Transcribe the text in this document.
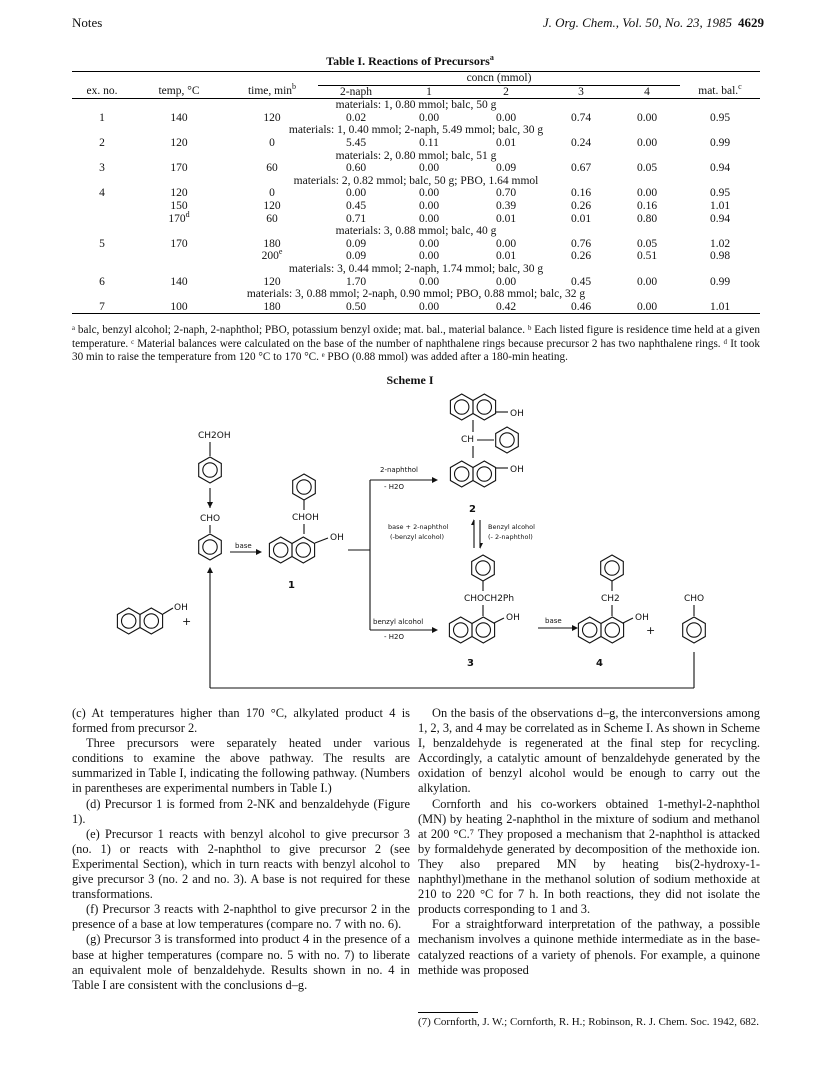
Notes	J. Org. Chem., Vol. 50, No. 23, 1985 4629
Table I. Reactions of Precursors$^a$
			concn (mmol)					
ex. no.	temp, °C	time, $\min^b$	2-naph	1	2	3	4	mat. bal.$^c$
materials: 1, 0.80 mmol; balc, 50 g								
1	140	120	0.02	0.00	0.00	0.74	0.00	0.95
materials: 1, 0.40 mmol; 2-naph, 5.49 mmol; balc, 30 g								
2	120	0	5.45	0.11	0.01	0.24	0.00	0.99
materials: 2, 0.80 mmol; balc, 51 g								
3	170	60	0.60	0.00	0.09	0.67	0.05	0.94
materials: 2, 0.82 mmol; balc, 50 g; PBO, 1.64 mmol								
4	120	0	0.00	0.00	0.70	0.16	0.00	0.95
	150	120	0.45	0.00	0.39	0.26	0.16	1.01
	170$^d$	60	0.71	0.00	0.01	0.01	0.80	0.94
materials: 3, 0.88 mmol; balc, 40 g								
5	170	180	0.09	0.00	0.00	0.76	0.05	1.02
		200e	0.09	0.00	0.01	0.26	0.51	0.98
materials: 3, 0.44 mmol; 2-naph, 1.74 mmol; balc, 30 g								
6	140	120	1.70	0.00	0.00	0.45	0.00	0.99
materials: 3, 0.88 mmol; 2-naph, 0.90 mmol; PBO, 0.88 mmol; balc, 32 g								
7	100	180	0.50	0.00	0.42	0.46	0.00	1.01
ᵃ balc, benzyl alcohol; 2-naph, 2-naphthol; PBO, potassium benzyl oxide; mat. bal., material balance. ᵇ Each listed figure is residence time held at a given temperature. ᶜ Material balances were calculated on the base of the number of naphthalene rings because precursor 2 has two naphthalene rings. ᵈ It took 30 min to raise the temperature from 120 °C to 170 °C. ᵉ PBO (0.88 mmol) was added after a 180-min heating.
Scheme I
OH
+
CH2OH
CHO
base
CHOH
OH
1
2-naphthol
- H2O
benzyl alcohol
- H2O
OH
CH
OH
2
base + 2-naphthol
(-benzyl alcohol)
Benzyl alcohol
(- 2-naphthol)
CHOCH2Ph
OH
3
base
CH2
OH
4
+
CHO

(c) At temperatures higher than 170 °C, alkylated product 4 is formed from precursor 2.

Three precursors were separately heated under various conditions to examine the above pathway. The results are summarized in Table I, indicating the following pathway. (Numbers in parentheses are experimental numbers in Table I.)

(d) Precursor 1 is formed from 2-NK and benzaldehyde (Figure 1).

(e) Precursor 1 reacts with benzyl alcohol to give precursor 3 (no. 1) or reacts with 2-naphthol to give precursor 2 (see Experimental Section), which in turn reacts with benzyl alcohol to give precursor 3 (no. 2 and no. 3). A base is not required for these transformations.

(f) Precursor 3 reacts with 2-naphthol to give precursor 2 in the presence of a base at low temperatures (compare no. 7 with no. 6).

(g) Precursor 3 is transformed into product 4 in the presence of a base at higher temperatures (compare no. 5 with no. 7) to liberate an equivalent mole of benzaldehyde. Results shown in no. 4 in Table I are consistent with the conclusions d–g.

On the basis of the observations d–g, the interconversions among 1, 2, 3, and 4 may be correlated as in Scheme I. As shown in Scheme I, benzaldehyde is regenerated at the final step for recycling. Accordingly, a catalytic amount of benzaldehyde generated by the oxidation of benzyl alcohol would be enough to carry out the alkylation.

Cornforth and his co-workers obtained 1-methyl-2-naphthol (MN) by heating 2-naphthol in the mixture of sodium and methanol at 200 °C.⁷ They proposed a mechanism that 2-naphthol is attacked by formaldehyde generated by decomposition of the methoxide ion. They also prepared MN by heating bis(2-hydroxy-1-naphthyl)methane in the methanol solution of sodium methoxide at 210 to 220 °C for 7 h. In both reactions, they did not isolate the products corresponding to 1 and 3.

For a straightforward interpretation of the pathway, a possible mechanism involves a quinone methide intermediate as in the base-catalyzed reactions of a variety of phenols. For example, a quinone methide was proposed

(7) Cornforth, J. W.; Cornforth, R. H.; Robinson, R. J. Chem. Soc. 1942, 682.
